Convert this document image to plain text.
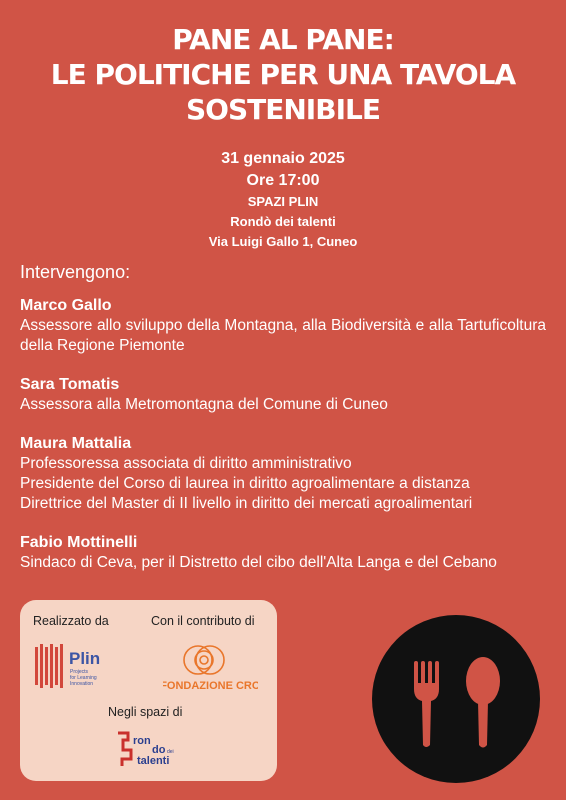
PANE AL PANE:
LE POLITICHE PER UNA TAVOLA
SOSTENIBILE
31 gennaio 2025
Ore 17:00
SPAZI PLIN
Rondò dei talenti
Via Luigi Gallo 1, Cuneo
Intervengono:
Marco Gallo
Assessore allo sviluppo della Montagna, alla Biodiversità e alla Tartuficoltura della Regione Piemonte
Sara Tomatis
Assessora alla Metromontagna del Comune di Cuneo
Maura Mattalia
Professoressa associata di diritto amministrativo
Presidente del Corso di laurea in diritto agroalimentare a distanza
Direttrice del Master di II livello in diritto dei mercati agroalimentari
Fabio Mottinelli
Sindaco di Ceva, per il Distretto del cibo dell'Alta Langa e del Cebano
Realizzato da	Con il contributo di
Plin
Projects
for Learning
Innovation	FONDAZIONE CRC
Negli spazi di
ron
do dei
talenti
